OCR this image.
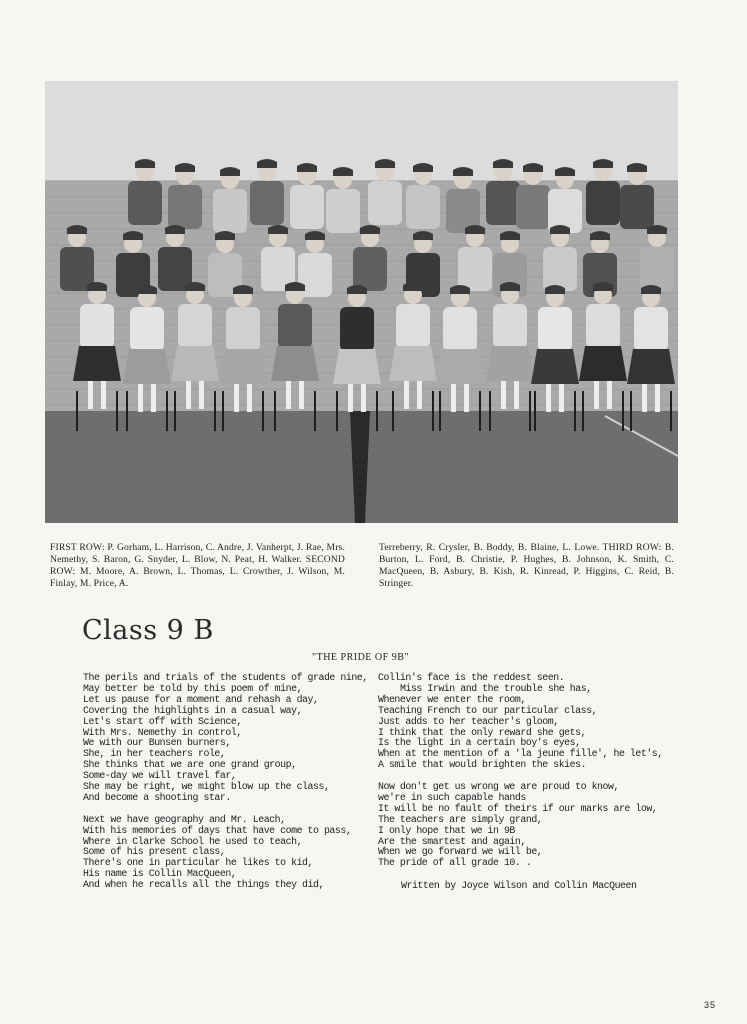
FIRST ROW: P. Gorham, L. Harrison, C. Andre, J. Vanherpt, J. Rae, Mrs. Nemethy, S. Baron, G. Snyder, L. Blow, N. Peat, H. Walker. SECOND ROW: M. Moore, A. Brown, L. Thomas, L. Crowther, J. Wilson, M. Finlay, M. Price, A.
Terreberry, R. Crysler, B. Boddy, B. Blaine, L. Lowe. THIRD ROW: B. Burton, L. Ford, B. Christie, P. Hughes, B. Johnson, K. Smith, C. MacQueen, B. Asbury, B. Kish, R. Kinread, P. Higgins, C. Reid, B. Stringer.
Class 9 B
"THE PRIDE OF 9B"
The perils and trials of the students of grade nine,
May better be told by this poem of mine,
Let us pause for a moment and rehash a day,
Covering the highlights in a casual way,
Let's start off with Science,
With Mrs. Nemethy in control,
We with our Bunsen burners,
She, in her teachers role,
She thinks that we are one grand group,
Some-day we will travel far,
She may be right, we might blow up the class,
And become a shooting star.
Next we have geography and Mr. Leach,
With his memories of days that have come to pass,
Where in Clarke School he used to teach,
Some of his present class,
There's one in particular he likes to kid,
His name is Collin MacQueen,
And when he recalls all the things they did,
Collin's face is the reddest seen.
Miss Irwin and the trouble she has,
Whenever we enter the room,
Teaching French to our particular class,
Just adds to her teacher's gloom,
I think that the only reward she gets,
Is the light in a certain boy's eyes,
When at the mention of a 'la jeune fille', he let's,
A smile that would brighten the skies.
Now don't get us wrong we are proud to know,
we're in such capable hands
It will be no fault of theirs if our marks are low,
The teachers are simply grand,
I only hope that we in 9B
Are the smartest and again,
When we go forward we will be,
The pride of all grade 10. .
Written by Joyce Wilson and Collin MacQueen
35
